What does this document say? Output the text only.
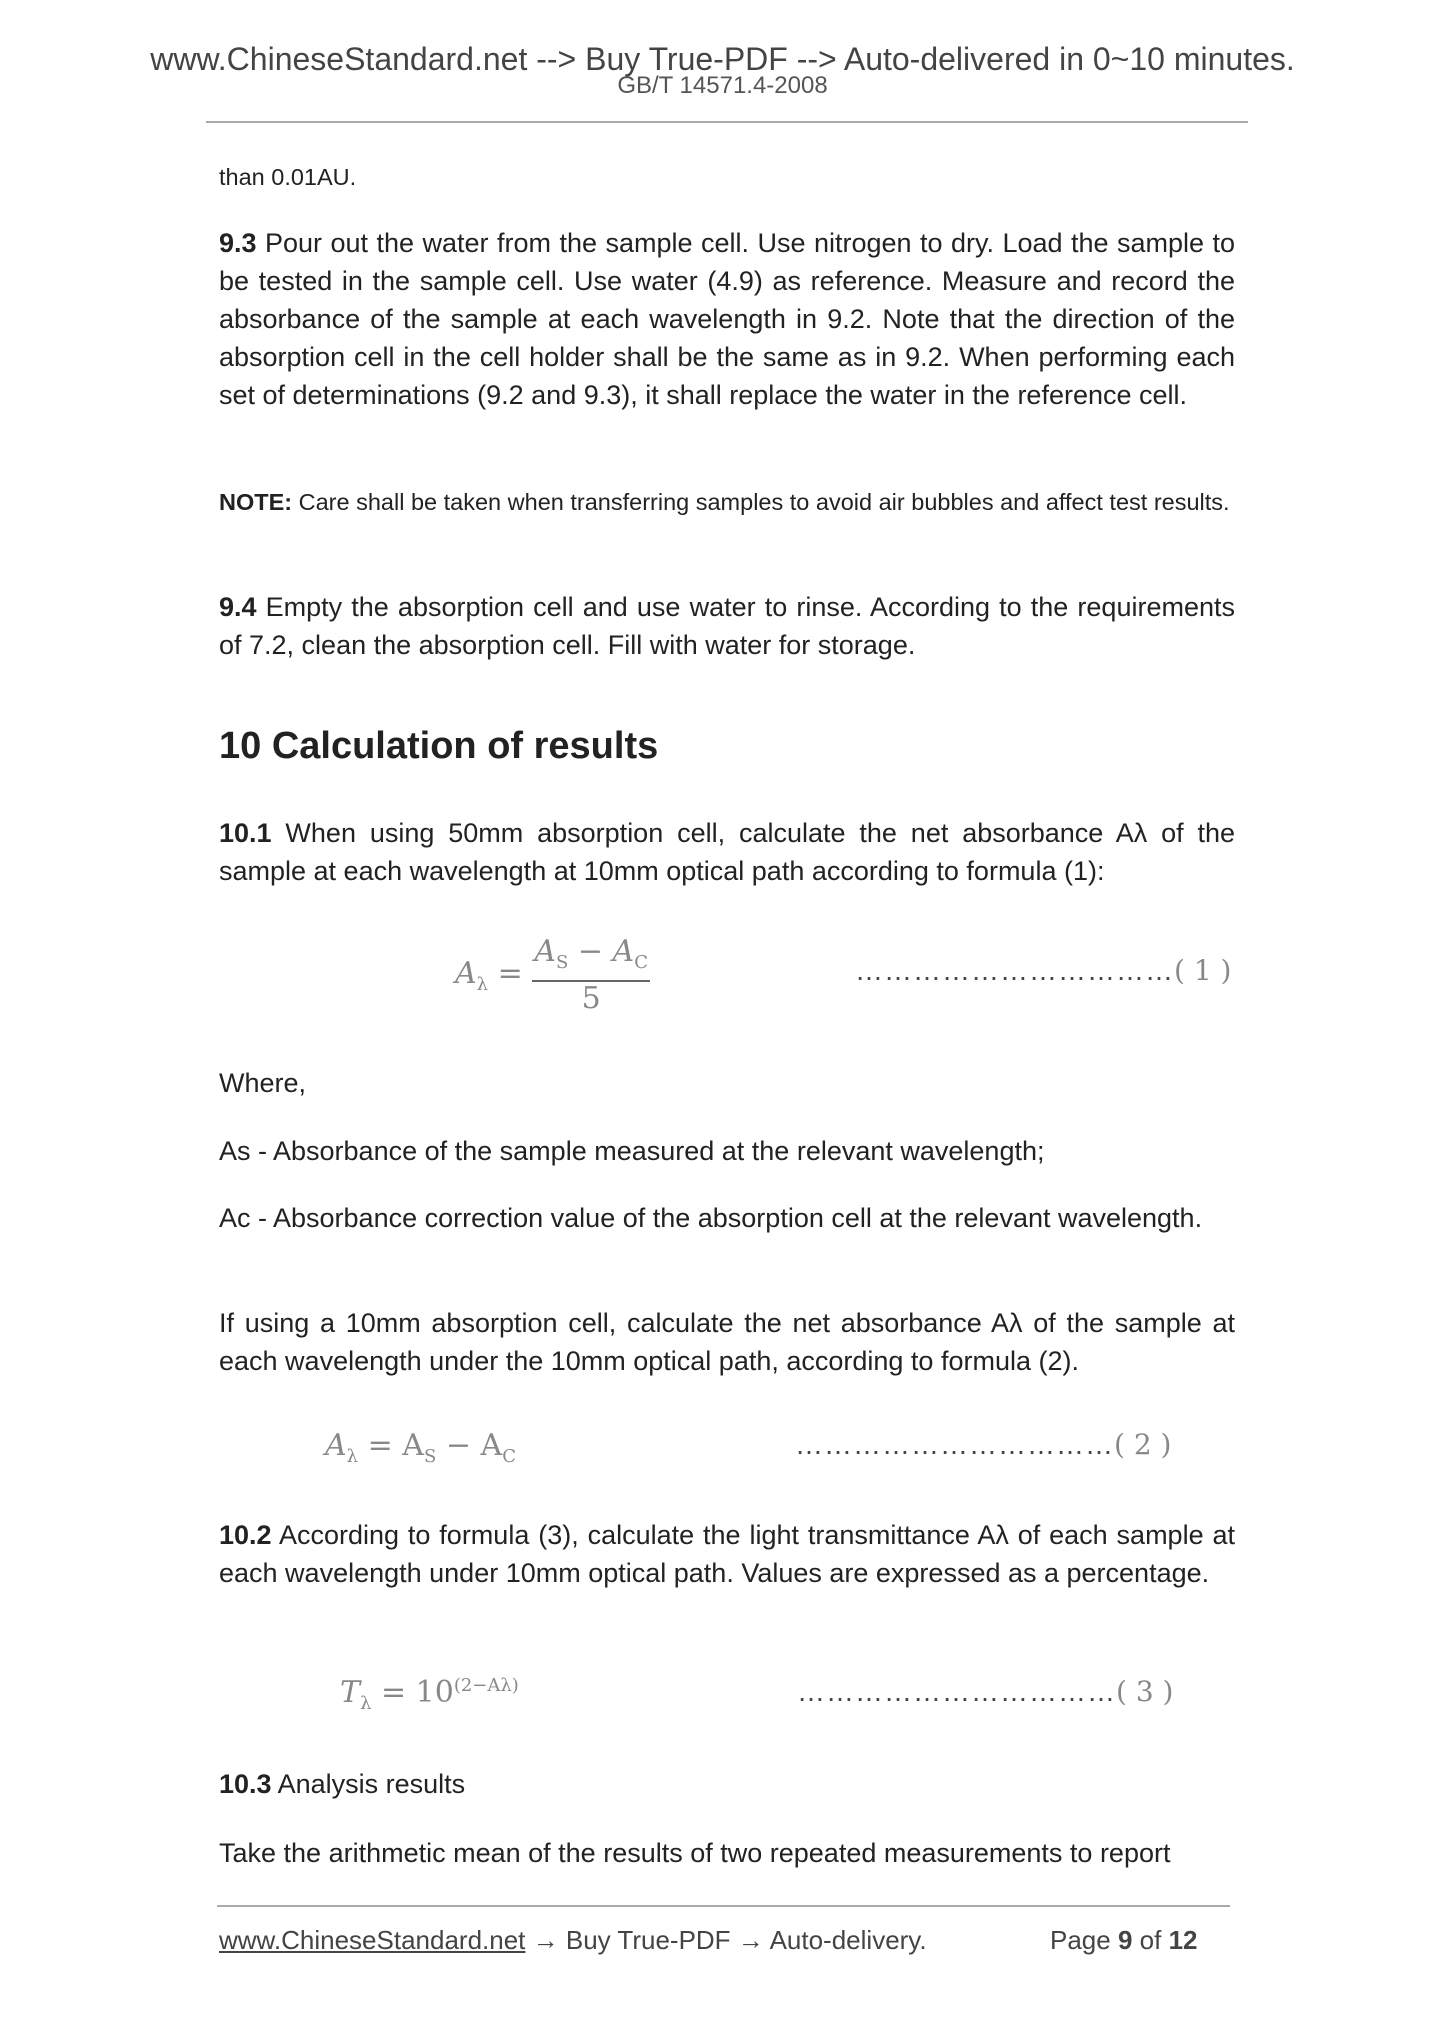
www.ChineseStandard.net --> Buy True-PDF --> Auto-delivered in 0~10 minutes.
GB/T 14571.4-2008
than 0.01AU.
9.3 Pour out the water from the sample cell. Use nitrogen to dry. Load the sample to be tested in the sample cell. Use water (4.9) as reference. Measure and record the absorbance of the sample at each wavelength in 9.2. Note that the direction of the absorption cell in the cell holder shall be the same as in 9.2. When performing each set of determinations (9.2 and 9.3), it shall replace the water in the reference cell.
NOTE: Care shall be taken when transferring samples to avoid air bubbles and affect test results.
9.4 Empty the absorption cell and use water to rinse. According to the requirements of 7.2, clean the absorption cell. Fill with water for storage.
10 Calculation of results
10.1 When using 50mm absorption cell, calculate the net absorbance Aλ of the sample at each wavelength at 10mm optical path according to formula (1):
$A_\lambda = \frac{A_S - A_C}{5}$	……………………………( 1 )
Where,
As - Absorbance of the sample measured at the relevant wavelength;
Ac - Absorbance correction value of the absorption cell at the relevant wavelength.
If using a 10mm absorption cell, calculate the net absorbance Aλ of the sample at each wavelength under the 10mm optical path, according to formula (2).
$A_\lambda = A_S - A_C$	……………………………( 2 )
10.2 According to formula (3), calculate the light transmittance Aλ of each sample at each wavelength under 10mm optical path. Values are expressed as a percentage.
$T_\lambda = 10^{(2-A\lambda)}$	……………………………( 3 )
10.3 Analysis results
Take the arithmetic mean of the results of two repeated measurements to report
www.ChineseStandard.net → Buy True-PDF → Auto-delivery.	Page 9 of 12
